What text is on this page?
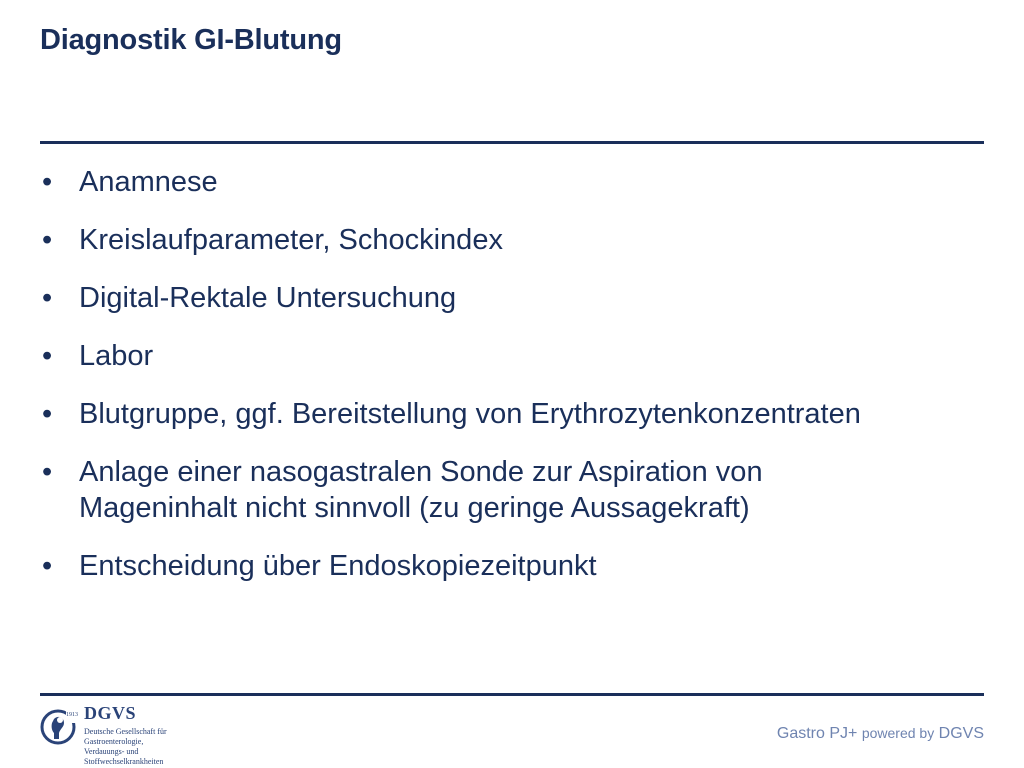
Diagnostik GI-Blutung
• Anamnese
• Kreislaufparameter, Schockindex
• Digital-Rektale Untersuchung
• Labor
• Blutgruppe, ggf. Bereitstellung von Erythrozytenkonzentraten
• Anlage einer nasogastralen Sonde zur Aspiration von
Mageninhalt nicht sinnvoll (zu geringe Aussagekraft)
• Entscheidung über Endoskopiezeitpunkt
1913 DGVS
Deutsche Gesellschaft für
Gastroenterologie,
Verdauungs- und
Stoffwechselkrankheiten
Gastro PJ+ powered by DGVS
